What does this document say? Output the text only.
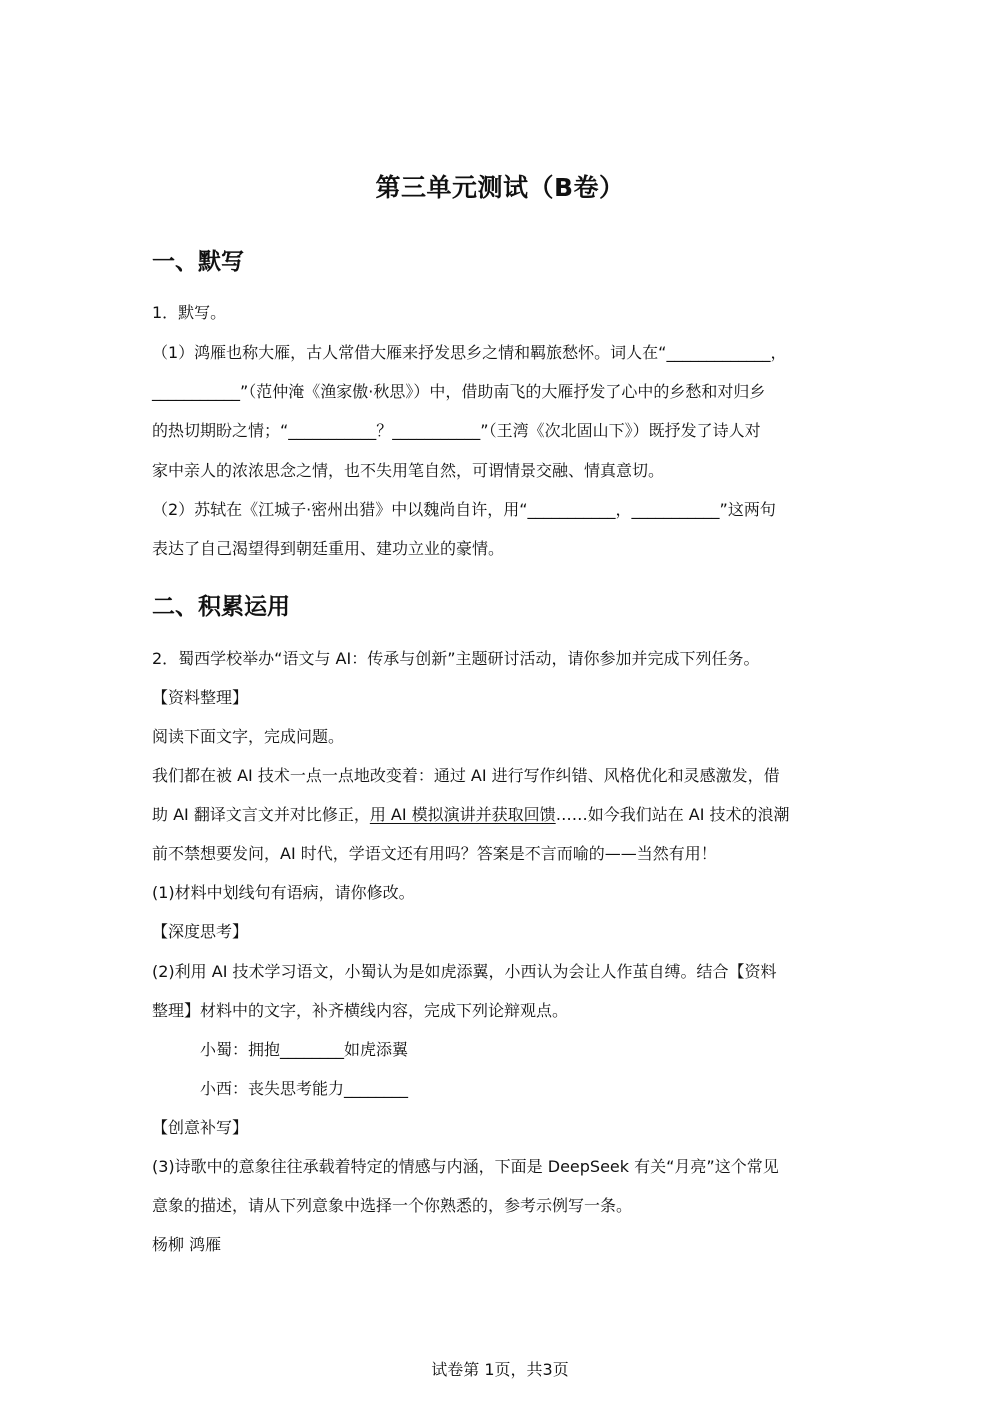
第三单元测试（B卷）
一、默写
1．默写。
（1）鸿雁也称大雁，古人常借大雁来抒发思乡之情和羁旅愁怀。词人在“_____________，
___________”（范仲淹《渔家傲·秋思》）中，借助南飞的大雁抒发了心中的乡愁和对归乡
的热切期盼之情；“___________？___________”（王湾《次北固山下》）既抒发了诗人对
家中亲人的浓浓思念之情，也不失用笔自然，可谓情景交融、情真意切。
（2）苏轼在《江城子·密州出猎》中以魏尚自许，用“___________，___________”这两句
表达了自己渴望得到朝廷重用、建功立业的豪情。
二、积累运用
2．蜀西学校举办“语文与 AI：传承与创新”主题研讨活动，请你参加并完成下列任务。
【资料整理】
阅读下面文字，完成问题。
我们都在被 AI 技术一点一点地改变着：通过 AI 进行写作纠错、风格优化和灵感激发，借
助 AI 翻译文言文并对比修正，用 AI 模拟演讲并获取回馈……如今我们站在 AI 技术的浪潮
前不禁想要发问，AI 时代，学语文还有用吗？答案是不言而喻的——当然有用！
(1)材料中划线句有语病，请你修改。
【深度思考】
(2)利用 AI 技术学习语文，小蜀认为是如虎添翼，小西认为会让人作茧自缚。结合【资料
整理】材料中的文字，补齐横线内容，完成下列论辩观点。
小蜀：拥抱________如虎添翼
小西：丧失思考能力________
【创意补写】
(3)诗歌中的意象往往承载着特定的情感与内涵，下面是 DeepSeek 有关“月亮”这个常见
意象的描述，请从下列意象中选择一个你熟悉的，参考示例写一条。
杨柳 鸿雁
试卷第 1页，共3页
